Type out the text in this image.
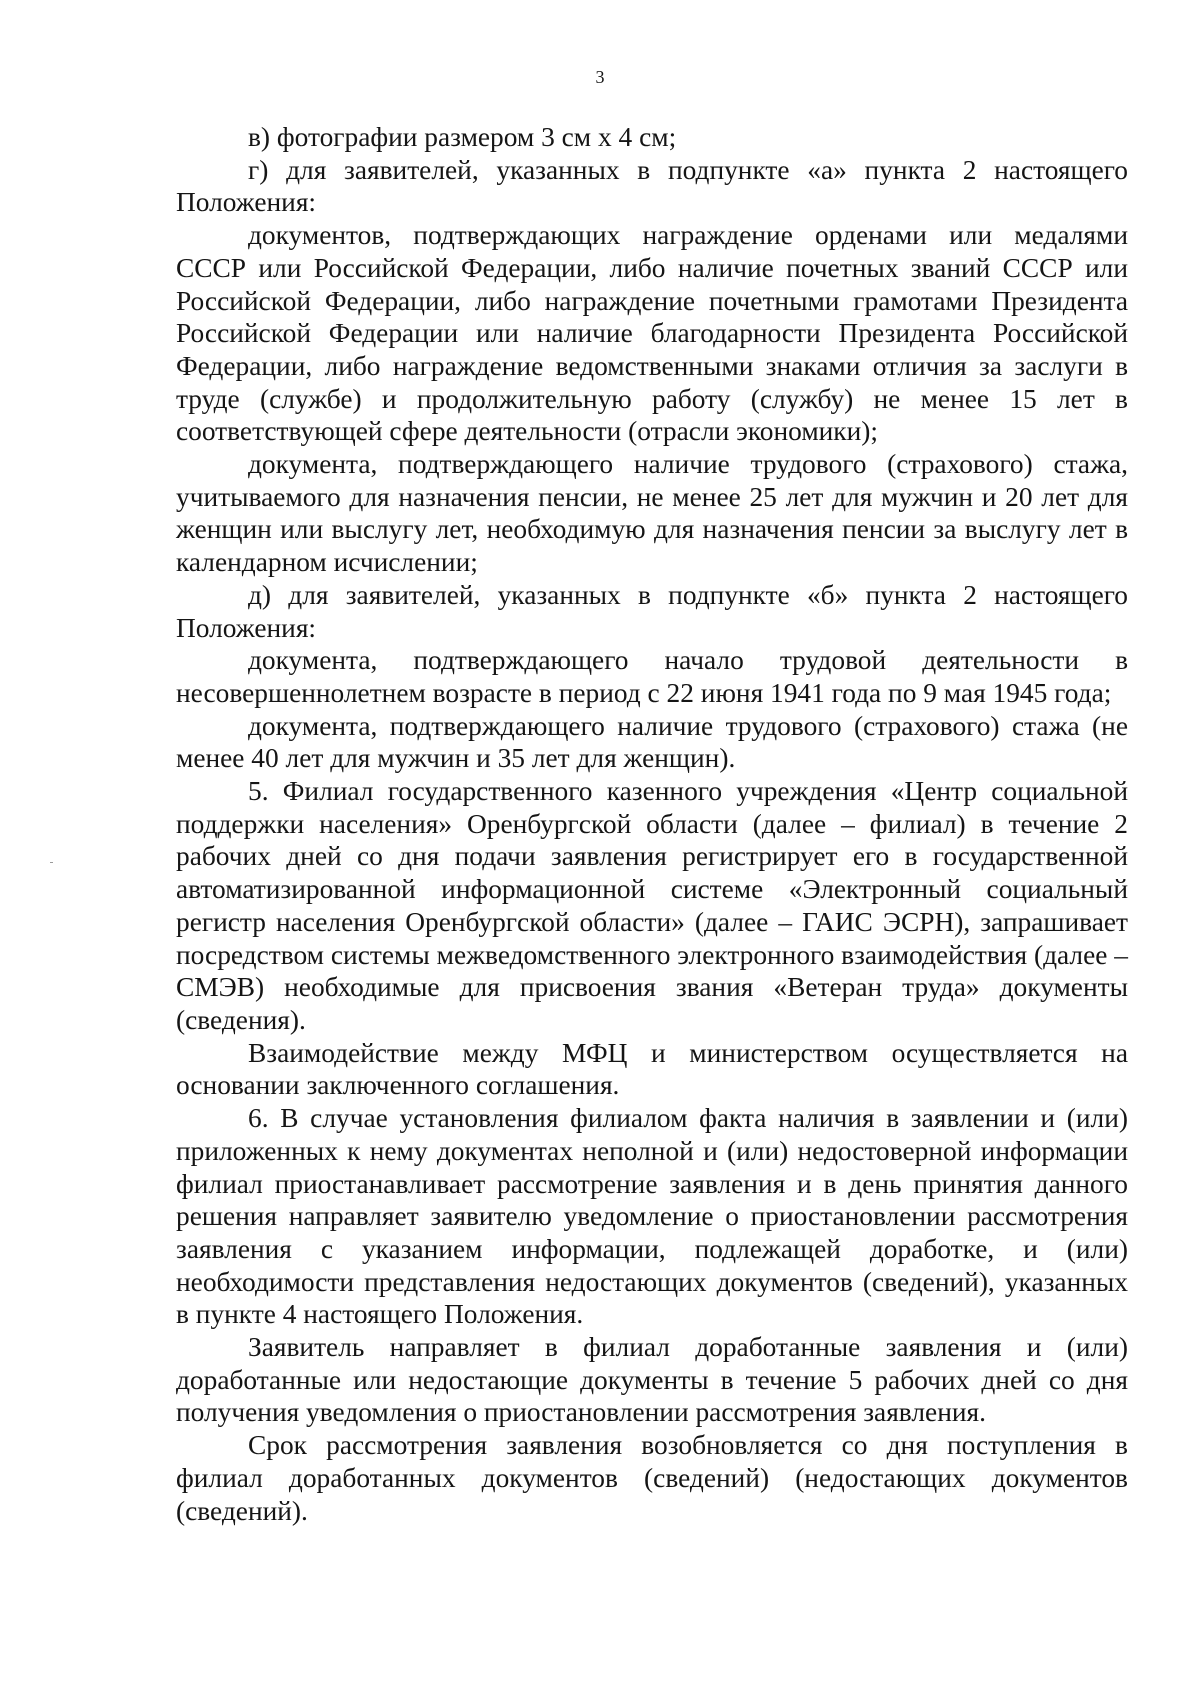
3

в) фотографии размером 3 см х 4 см;

г) для заявителей, указанных в подпункте «а» пункта 2 настоящего Положения:

документов, подтверждающих награждение орденами или медалями СССР или Российской Федерации, либо наличие почетных званий СССР или Российской Федерации, либо награждение почетными грамотами Президента Российской Федерации или наличие благодарности Президента Российской Федерации, либо награждение ведомственными знаками отличия за заслуги в труде (службе) и продолжительную работу (службу) не менее 15 лет в соответствующей сфере деятельности (отрасли экономики);

документа, подтверждающего наличие трудового (страхового) стажа, учитываемого для назначения пенсии, не менее 25 лет для мужчин и 20 лет для женщин или выслугу лет, необходимую для назначения пенсии за выслугу лет в календарном исчислении;

д) для заявителей, указанных в подпункте «б» пункта 2 настоящего Положения:

документа, подтверждающего начало трудовой деятельности в несовершеннолетнем возрасте в период с 22 июня 1941 года по 9 мая 1945 года;

документа, подтверждающего наличие трудового (страхового) стажа (не менее 40 лет для мужчин и 35 лет для женщин).

5. Филиал государственного казенного учреждения «Центр социальной поддержки населения» Оренбургской области (далее – филиал) в течение 2 рабочих дней со дня подачи заявления регистрирует его в государственной автоматизированной информационной системе «Электронный социальный регистр населения Оренбургской области» (далее – ГАИС ЭСРН), запрашивает посредством системы межведомственного электронного взаимодействия (далее – СМЭВ) необходимые для присвоения звания «Ветеран труда» документы (сведения).

Взаимодействие между МФЦ и министерством осуществляется на основании заключенного соглашения.

6. В случае установления филиалом факта наличия в заявлении и (или) приложенных к нему документах неполной и (или) недостоверной информации филиал приостанавливает рассмотрение заявления и в день принятия данного решения направляет заявителю уведомление о приостановлении рассмотрения заявления с указанием информации, подлежащей доработке, и (или) необходимости представления недостающих документов (сведений), указанных в пункте 4 настоящего Положения.

Заявитель направляет в филиал доработанные заявления и (или) доработанные или недостающие документы в течение 5 рабочих дней со дня получения уведомления о приостановлении рассмотрения заявления.

Срок рассмотрения заявления возобновляется со дня поступления в филиал доработанных документов (сведений) (недостающих документов (сведений).
